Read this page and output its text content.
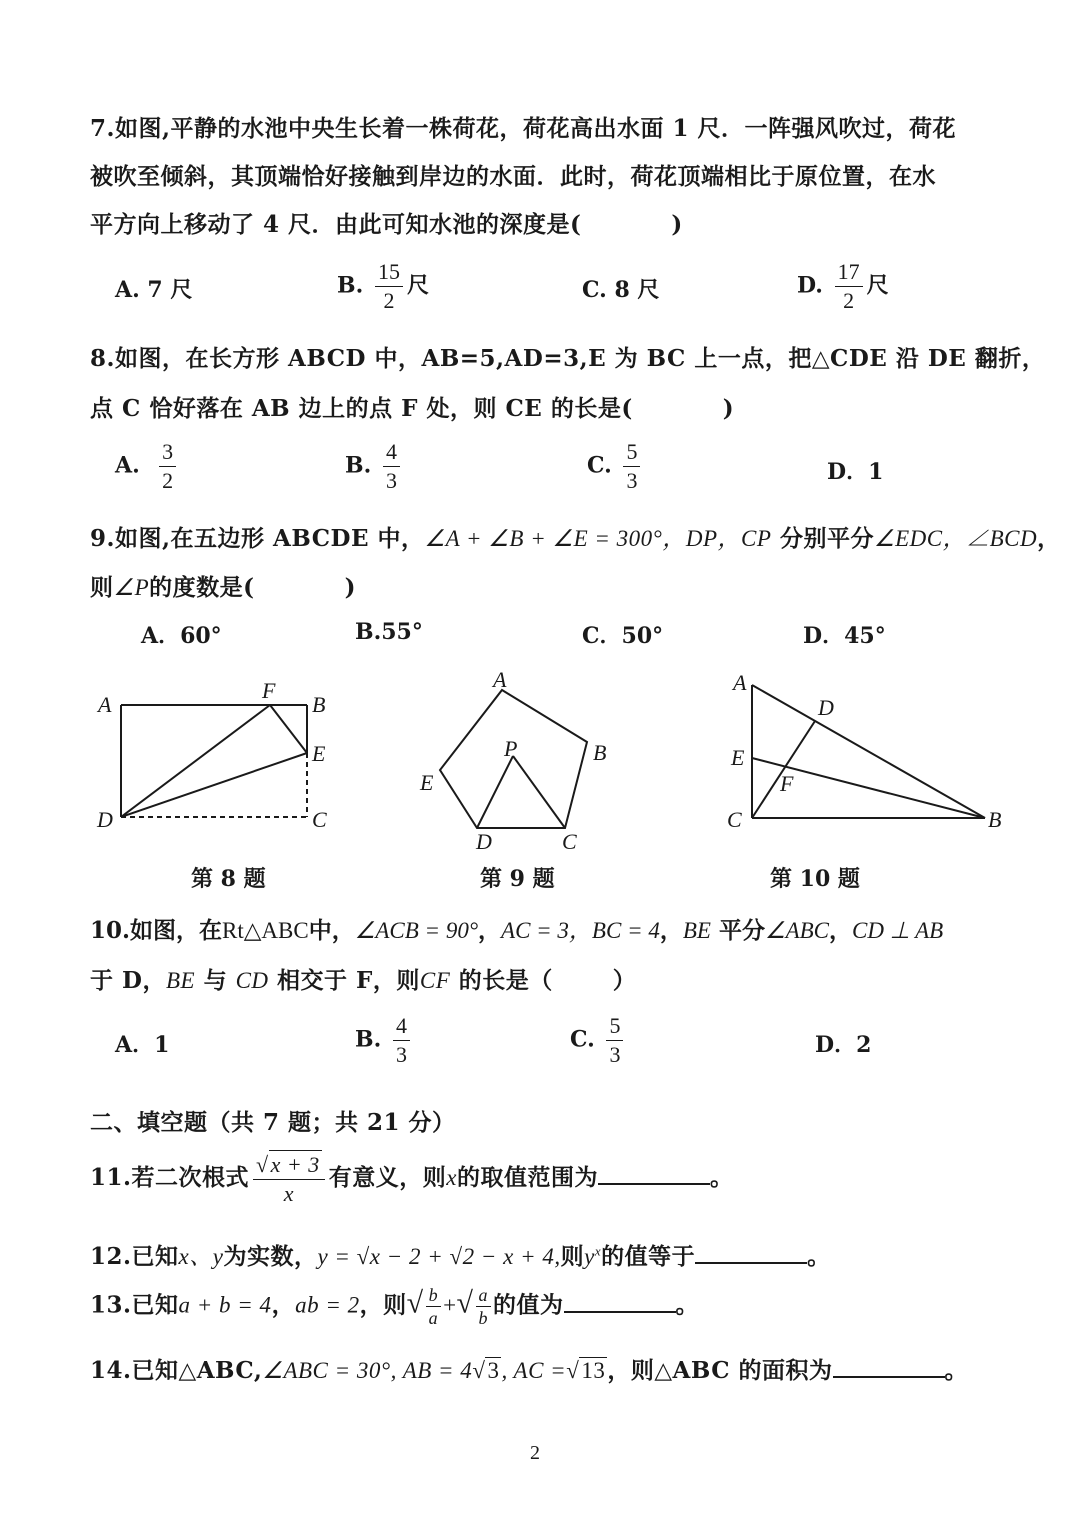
7.如图,平静的水池中央生长着一株荷花，荷花高出水面 1 尺．一阵强风吹过，荷花
被吹至倾斜，其顶端恰好接触到岸边的水面．此时，荷花顶端相比于原位置，在水
平方向上移动了 4 尺．由此可知水池的深度是(	)
A. 7 尺	B. $\frac{15}{2}$ 尺	C. 8 尺	D. $\frac{17}{2}$ 尺
8.如图，在长方形 ABCD 中，AB=5,AD=3,E 为 BC 上一点，把△CDE 沿 DE 翻折，
点 C 恰好落在 AB 边上的点 F 处，则 CE 的长是(	)
A. $\frac{3}{2}$	B. $\frac{4}{3}$	C. $\frac{5}{3}$	D．1
9.如图,在五边形 ABCDE 中，∠A + ∠B + ∠E = 300°，DP，CP 分别平分∠EDC，∠BCD，
则∠P的度数是(	)
A．60°	B.55°	C．50°	D．45°
A
F
B
E
D	C
A
P	B
E
D	C
A
D
E
F
C	B
第 8 题	第 9 题	第 10 题
10.如图，在Rt△ABC中，∠ACB = 90°，AC = 3，BC = 4，BE 平分∠ABC，CD ⊥ AB
于 D，BE 与 CD 相交于 F，则CF 的长是（	）
A．1	B. $\frac{4}{3}$	C. $\frac{5}{3}$	D．2
二、填空题（共 7 题；共 21 分）
11.若二次根式 $\frac{√x + 3}{x}$ 有意义，则x的取值范围为	。
12.已知x、y为实数，y = √x − 2 + √2 − x + 4,则$y^x$的值等于	。
13.已知a + b = 4，ab = 2，则√ $\frac{b}{a}$ +√ $\frac{a}{b}$ 的值为	。
14.已知△ABC,∠ABC = 30°, AB = 4√3, AC =√13，则△ABC 的面积为	。
2
